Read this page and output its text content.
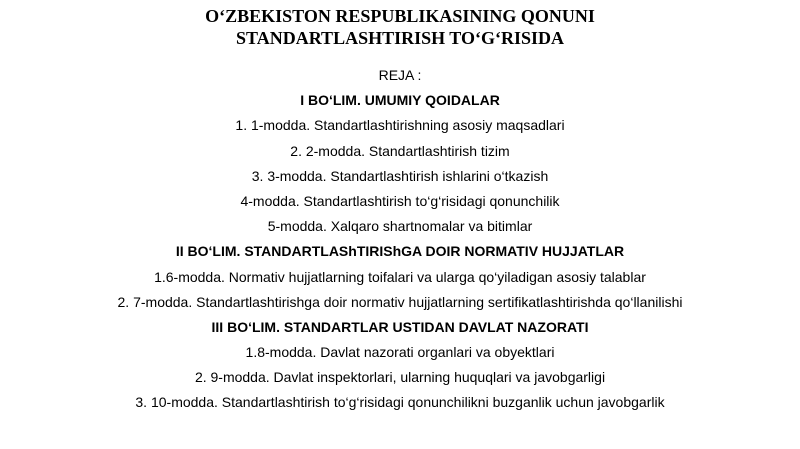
O‘ZBEKISTON RESPUBLIKASINING QONUNI
STANDARTLASHTIRISH TO‘G‘RISIDA
REJA :
I BO‘LIM. UMUMIY QOIDALAR
1. 1-modda. Standartlashtirishning asosiy maqsadlari
2. 2-modda. Standartlashtirish tizim
3. 3-modda. Standartlashtirish ishlarini o‘tkazish
4-modda. Standartlashtirish to‘g‘risidagi qonunchilik
5-modda. Xalqaro shartnomalar va bitimlar
II BO‘LIM. STANDARTLAShTIRIShGA DOIR NORMATIV HUJJATLAR
1.6-modda. Normativ hujjatlarning toifalari va ularga qo‘yiladigan asosiy talablar
2. 7-modda. Standartlashtirishga doir normativ hujjatlarning sertifikatlashtirishda qo‘llanilishi
III BO‘LIM. STANDARTLAR USTIDAN DAVLAT NAZORATI
1.8-modda. Davlat nazorati organlari va obyektlari
2. 9-modda. Davlat inspektorlari, ularning huquqlari va javobgarligi
3. 10-modda. Standartlashtirish to‘g‘risidagi qonunchilikni buzganlik uchun javobgarlik
